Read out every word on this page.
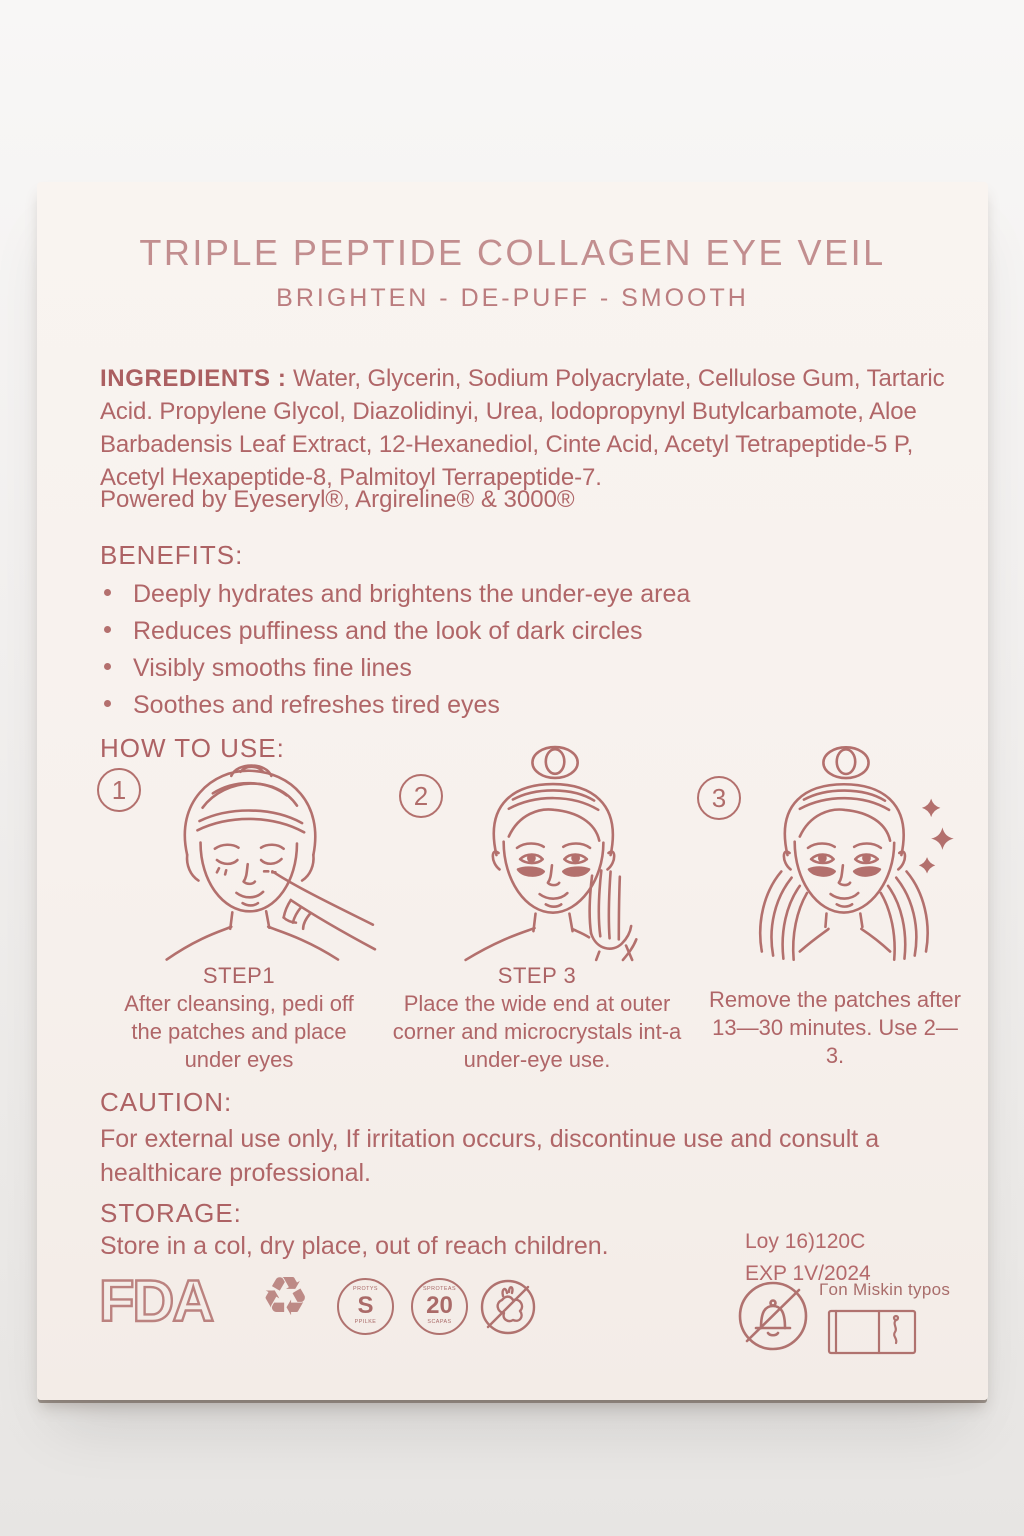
TRIPLE PEPTIDE COLLAGEN EYE VEIL
BRIGHTEN - DE-PUFF - SMOOTH

INGREDIENTS : Water, Glycerin, Sodium Polyacrylate, Cellulose Gum, Tartaric Acid. Propylene Glycol, Diazolidinyi, Urea, lodopropynyl Butylcarbamote, Aloe Barbadensis Leaf Extract, 12-Hexanediol, Cinte Acid, Acetyl Tetrapeptide-5 P, Acetyl Hexapeptide-8, Palmitoyl Terrapeptide-7.

Powered by Eyeseryl®, Argireline® & 3000®
BENEFITS:
Deeply hydrates and brightens the under-eye area
Reduces puffiness and the look of dark circles
Visibly smooths fine lines
Soothes and refreshes tired eyes
HOW TO USE:
1
STEP1
After cleansing, pedi off the patches and place under eyes
2
STEP 3
Place the wide end at outer corner and microcrystals int-a under-eye use.
3
Remove the patches after 13—30 minutes. Use 2—3.
CAUTION:
For external use only, If irritation occurs, discontinue use and consult a healthicare professional.
STORAGE:
Store in a col, dry place, out of reach children.	Loy 16)120C
EXP 1V/2024
FDA ♻	PROTYS
S
PPILKE
SPROTEAS
20
SCAPAS
Гon Miskin typos
